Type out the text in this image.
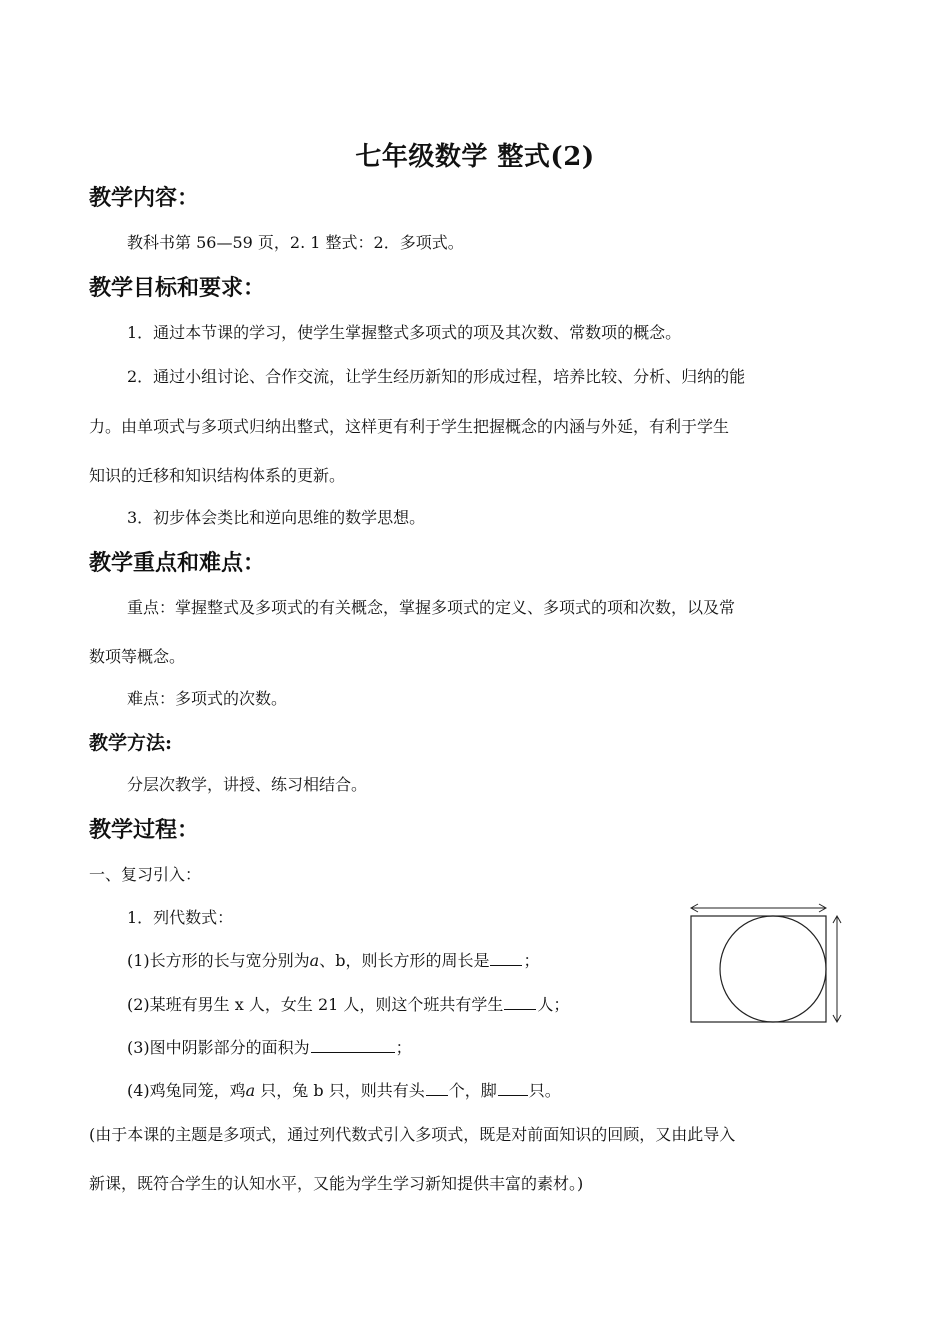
七年级数学 整式(2)
教学内容：
教科书第 56—59 页，2. 1 整式：2．多项式。
教学目标和要求：
1．通过本节课的学习，使学生掌握整式多项式的项及其次数、常数项的概念。
2．通过小组讨论、合作交流，让学生经历新知的形成过程，培养比较、分析、归纳的能
力。由单项式与多项式归纳出整式，这样更有利于学生把握概念的内涵与外延，有利于学生
知识的迁移和知识结构体系的更新。
3．初步体会类比和逆向思维的数学思想。
教学重点和难点：
重点：掌握整式及多项式的有关概念，掌握多项式的定义、多项式的项和次数，以及常
数项等概念。
难点：多项式的次数。
教学方法:
分层次教学，讲授、练习相结合。
教学过程：
一、复习引入：
1．列代数式：
(1)长方形的长与宽分别为a、b，则长方形的周长是 ；
(2)某班有男生 x 人，女生 21 人，则这个班共有学生 人；
(3)图中阴影部分的面积为	；
(4)鸡兔同笼，鸡a 只，兔 b 只，则共有头 个，脚 只。
(由于本课的主题是多项式，通过列代数式引入多项式，既是对前面知识的回顾，又由此导入
新课，既符合学生的认知水平，又能为学生学习新知提供丰富的素材。)
